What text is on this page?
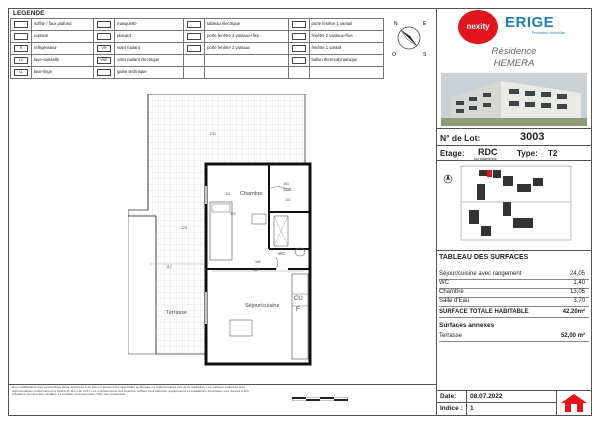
LEGENDE
	soffite / faux plafond		masquette		tableau électrique		porte fenêtre 1 vantail
	cuisson		placard		porte fenêtre 2 vantaux+fixe		fenêtre 2 vantaux+fixe
R	réfrigérateur	VR	volet roulant		porte fenêtre 2 vantaux		fenêtre 1 vantail
LV	lave-vaisselle	VRE	volet roulant électrique				ballon thermodynamique
LL	lave-linge		gaine technique				
N	E
S
O
nexity	ERIGE
Promoteur Immobilier
Résidence
HEMERA
N° de Lot:	3003
Etage: RDC
sur platelorme
Type: T2
TABLEAU DES SURFACES
Séjour/cuisine avec rangement	24,05
WC	1,40
Chambre	13,05
Salle d'Eau	3,70
SURFACE TOTALE HABITABLE	42.20m²
Surfaces annexes
Terrasse	52,00 m²
Chambre
SdE
WC
Séjour/cuisine
Terrasse
CU
F
311
372
161
151
160
487
117
124
231
Des modifications sont susceptibles d'être apportées à ce plan en fonction des nécessités techniques ou réglementaires lors de la réalisation. Les surfaces indiquées sont approximatives conformément à l'article R.111-2 du CCH. Les emplacements des fenêtres, soffites, faux plafonds, équipements et installations électriques sont donnés à titre indicatif et peuvent être modifiés. Le mobilier n'est pas fourni. Plan non contractuel.	Date: 08.07.2022
Indice : 1
